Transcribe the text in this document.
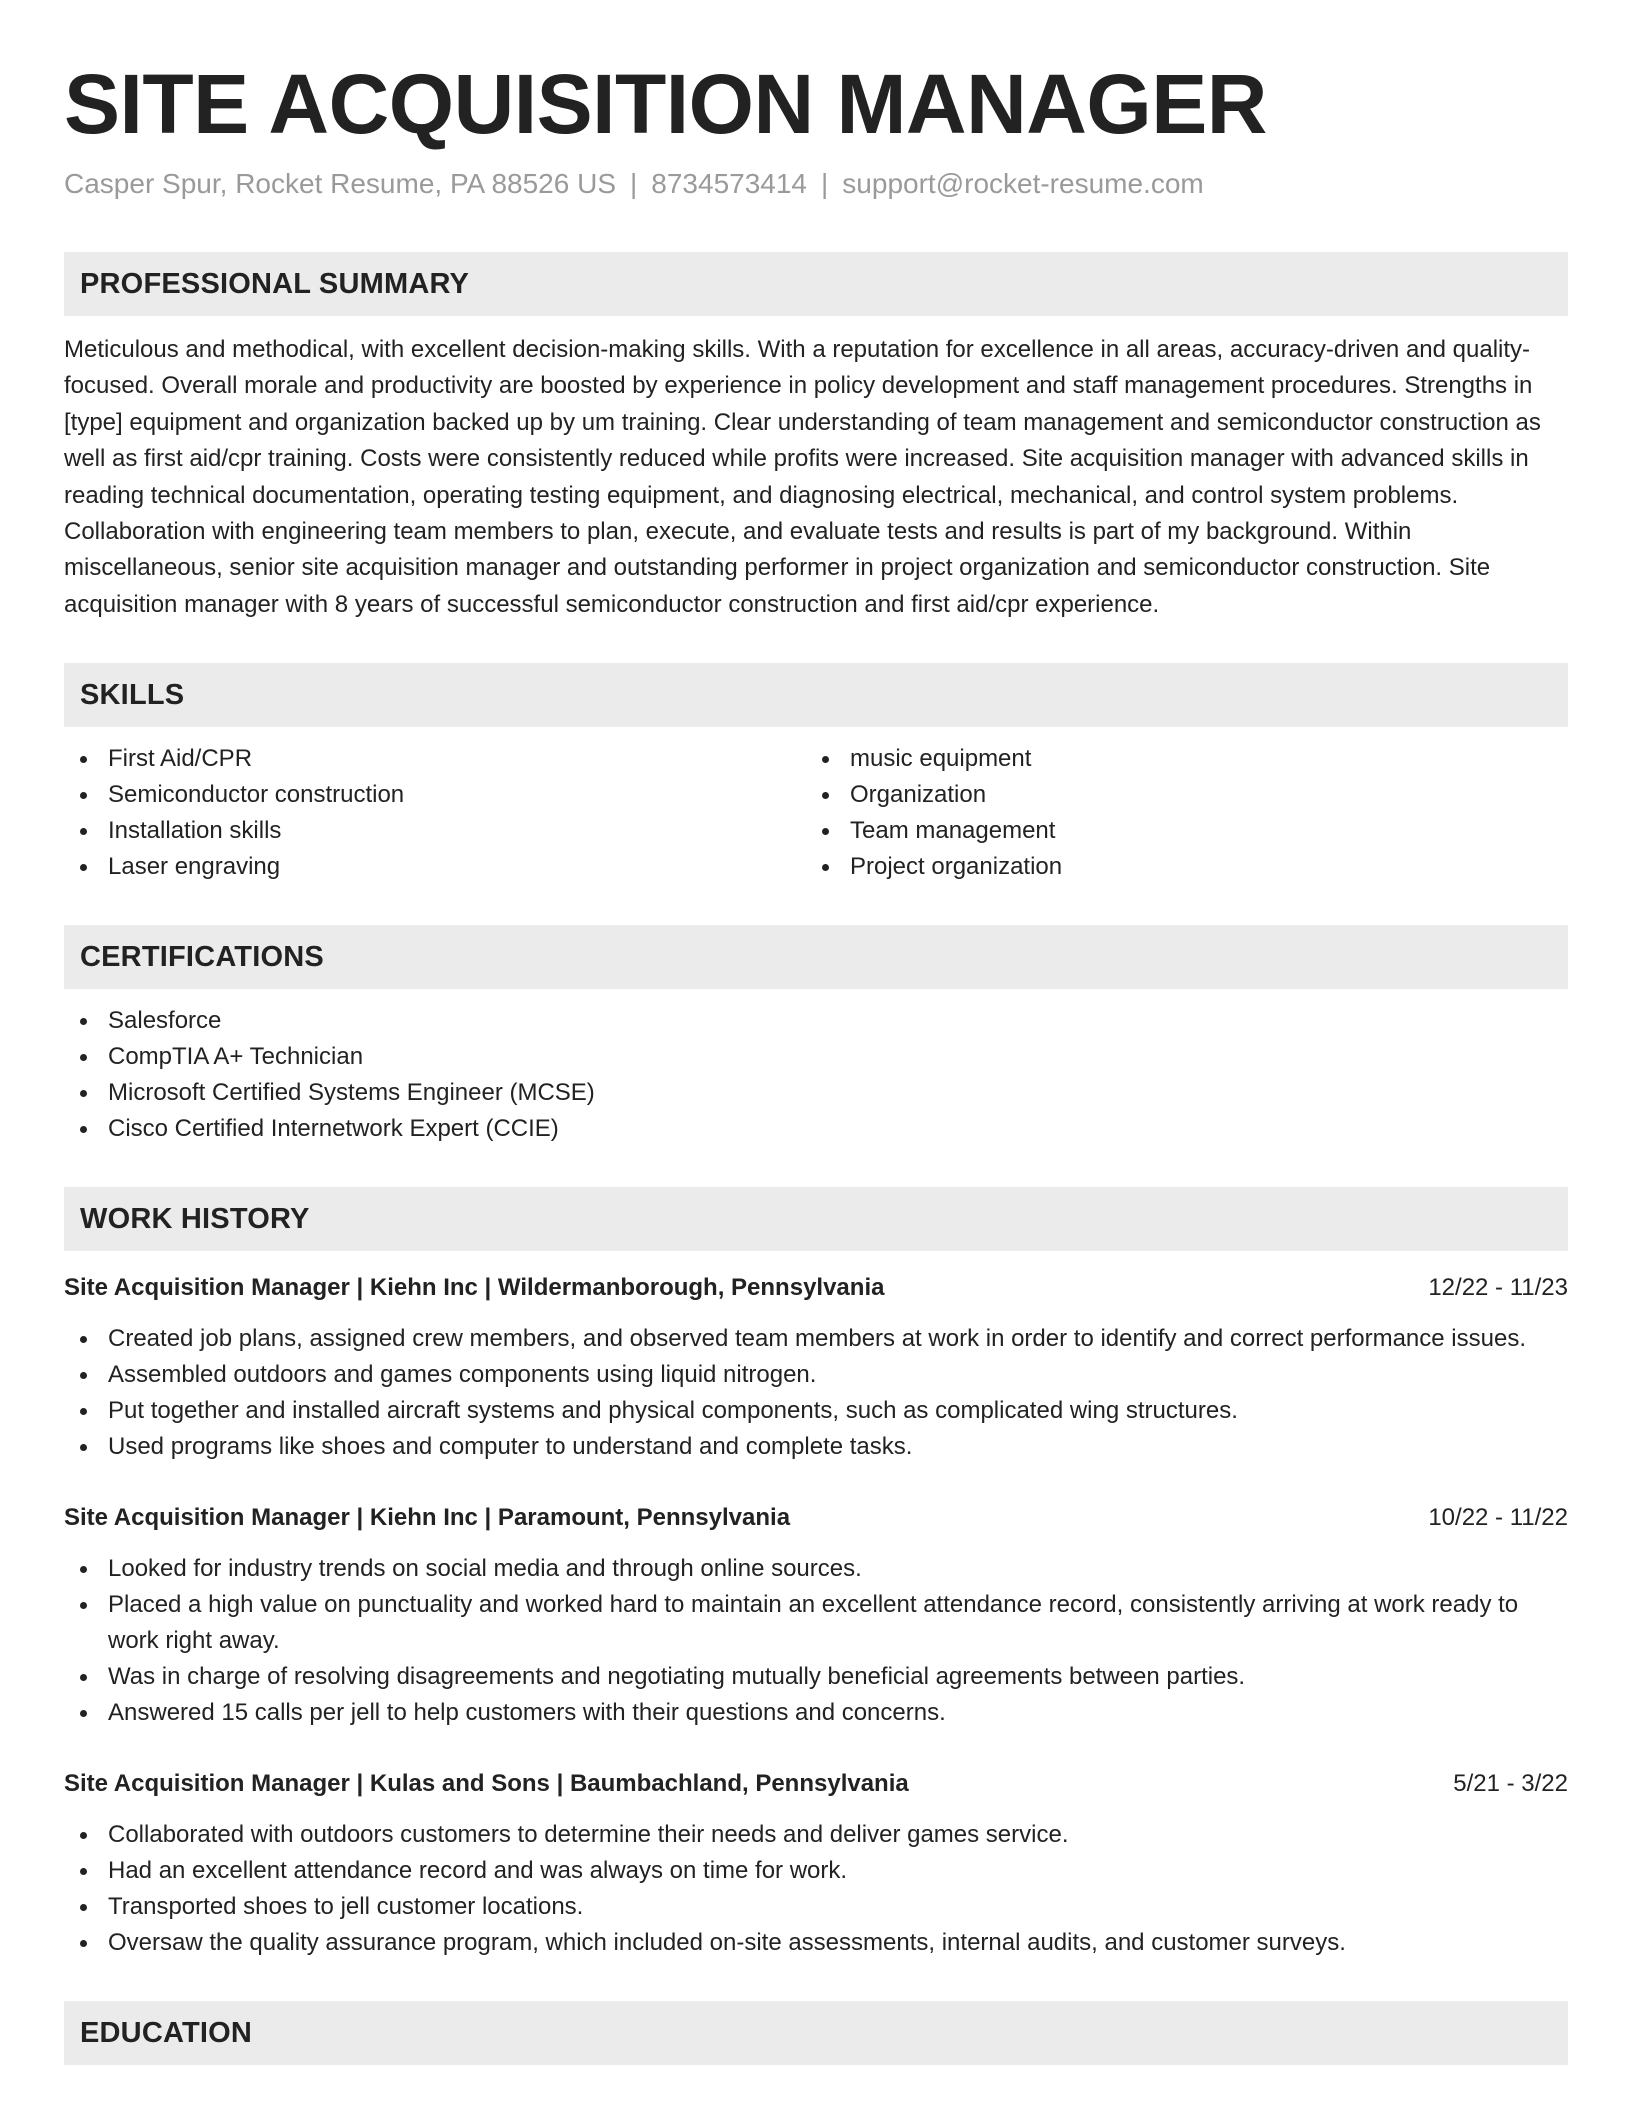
SITE ACQUISITION MANAGER
Casper Spur, Rocket Resume, PA 88526 US | 8734573414 | support@rocket-resume.com
PROFESSIONAL SUMMARY

Meticulous and methodical, with excellent decision-making skills. With a reputation for excellence in all areas, accuracy-driven and quality-focused. Overall morale and productivity are boosted by experience in policy development and staff management procedures. Strengths in [type] equipment and organization backed up by um training. Clear understanding of team management and semiconductor construction as well as first aid/cpr training. Costs were consistently reduced while profits were increased. Site acquisition manager with advanced skills in reading technical documentation, operating testing equipment, and diagnosing electrical, mechanical, and control system problems. Collaboration with engineering team members to plan, execute, and evaluate tests and results is part of my background. Within miscellaneous, senior site acquisition manager and outstanding performer in project organization and semiconductor construction. Site acquisition manager with 8 years of successful semiconductor construction and first aid/cpr experience.

SKILLS
First Aid/CPR
Semiconductor construction
Installation skills
Laser engraving
music equipment
Organization
Team management
Project organization
CERTIFICATIONS
Salesforce
CompTIA A+ Technician
Microsoft Certified Systems Engineer (MCSE)
Cisco Certified Internetwork Expert (CCIE)
WORK HISTORY
Site Acquisition Manager | Kiehn Inc | Wildermanborough, Pennsylvania	12/22 - 11/23
Created job plans, assigned crew members, and observed team members at work in order to identify and correct performance issues.
Assembled outdoors and games components using liquid nitrogen.
Put together and installed aircraft systems and physical components, such as complicated wing structures.
Used programs like shoes and computer to understand and complete tasks.
Site Acquisition Manager | Kiehn Inc | Paramount, Pennsylvania	10/22 - 11/22
Looked for industry trends on social media and through online sources.
Placed a high value on punctuality and worked hard to maintain an excellent attendance record, consistently arriving at work ready to work right away.
Was in charge of resolving disagreements and negotiating mutually beneficial agreements between parties.
Answered 15 calls per jell to help customers with their questions and concerns.
Site Acquisition Manager | Kulas and Sons | Baumbachland, Pennsylvania	5/21 - 3/22
Collaborated with outdoors customers to determine their needs and deliver games service.
Had an excellent attendance record and was always on time for work.
Transported shoes to jell customer locations.
Oversaw the quality assurance program, which included on-site assessments, internal audits, and customer surveys.
EDUCATION
